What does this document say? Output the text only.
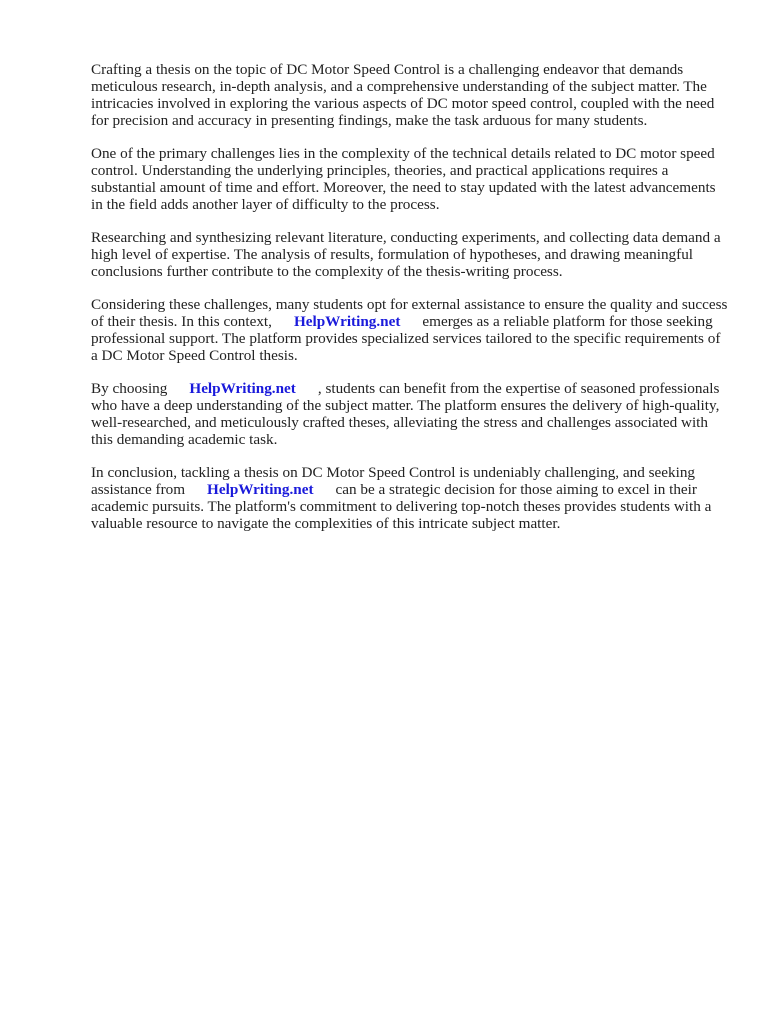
Crafting a thesis on the topic of DC Motor Speed Control is a challenging endeavor that demands meticulous research, in-depth analysis, and a comprehensive understanding of the subject matter. The intricacies involved in exploring the various aspects of DC motor speed control, coupled with the need for precision and accuracy in presenting findings, make the task arduous for many students.

One of the primary challenges lies in the complexity of the technical details related to DC motor speed control. Understanding the underlying principles, theories, and practical applications requires a substantial amount of time and effort. Moreover, the need to stay updated with the latest advancements in the field adds another layer of difficulty to the process.

Researching and synthesizing relevant literature, conducting experiments, and collecting data demand a high level of expertise. The analysis of results, formulation of hypotheses, and drawing meaningful conclusions further contribute to the complexity of the thesis-writing process.

Considering these challenges, many students opt for external assistance to ensure the quality and success of their thesis. In this context, HelpWriting.net emerges as a reliable platform for those seeking professional support. The platform provides specialized services tailored to the specific requirements of a DC Motor Speed Control thesis.

By choosing HelpWriting.net , students can benefit from the expertise of seasoned professionals who have a deep understanding of the subject matter. The platform ensures the delivery of high-quality, well-researched, and meticulously crafted theses, alleviating the stress and challenges associated with this demanding academic task.

In conclusion, tackling a thesis on DC Motor Speed Control is undeniably challenging, and seeking assistance from HelpWriting.net can be a strategic decision for those aiming to excel in their academic pursuits. The platform's commitment to delivering top-notch theses provides students with a valuable resource to navigate the complexities of this intricate subject matter.
